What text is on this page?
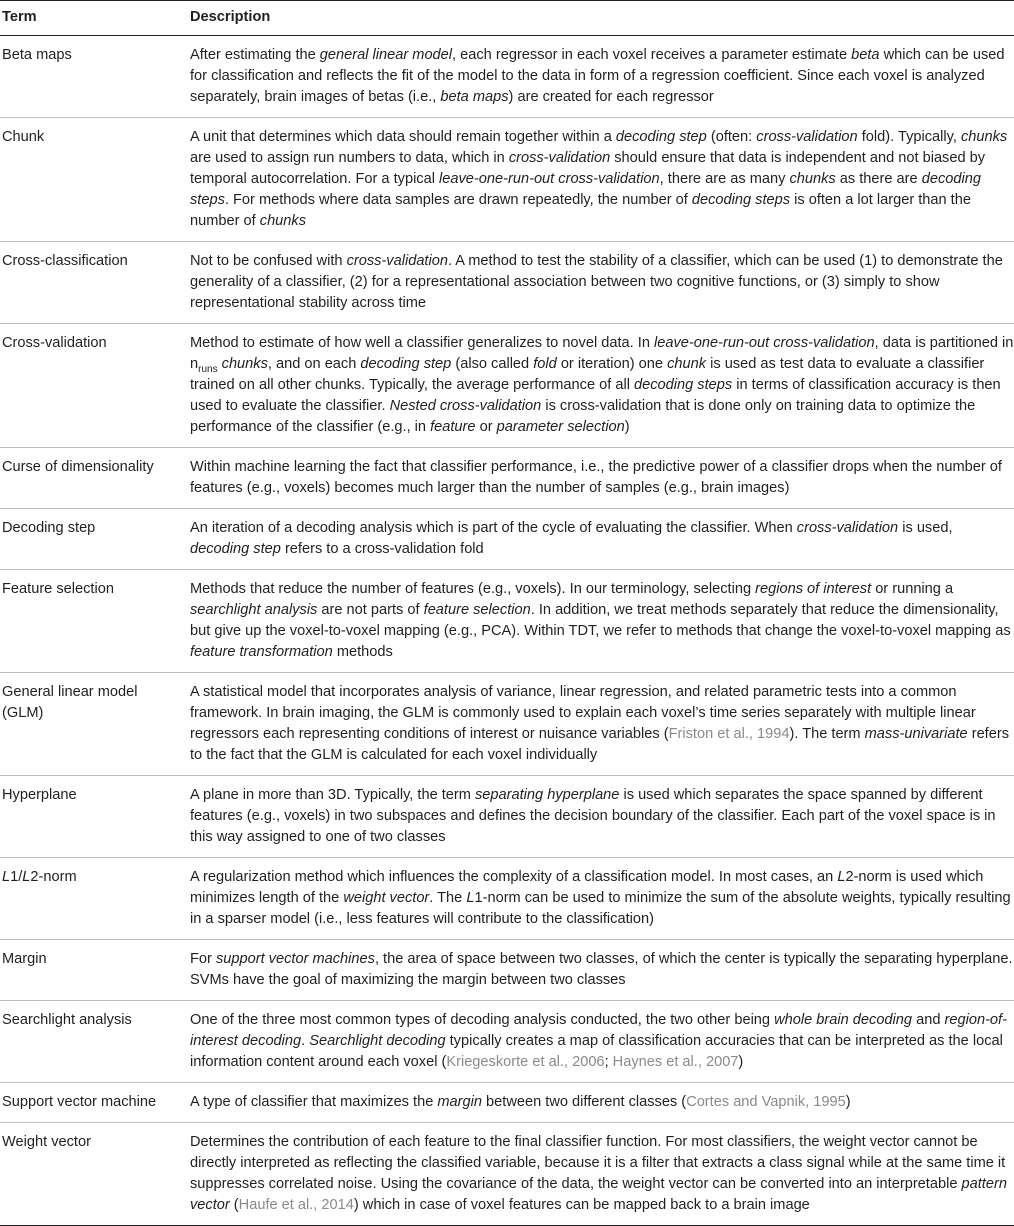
Term	Description
Beta maps	After estimating the general linear model, each regressor in each voxel receives a parameter estimate beta which can be used for classification and reflects the fit of the model to the data in form of a regression coefficient. Since each voxel is analyzed separately, brain images of betas (i.e., beta maps) are created for each regressor
Chunk	A unit that determines which data should remain together within a decoding step (often: cross-validation fold). Typically, chunks are used to assign run numbers to data, which in cross-validation should ensure that data is independent and not biased by temporal autocorrelation. For a typical leave-one-run-out cross-validation, there are as many chunks as there are decoding steps. For methods where data samples are drawn repeatedly, the number of decoding steps is often a lot larger than the number of chunks
Cross-classification	Not to be confused with cross-validation. A method to test the stability of a classifier, which can be used (1) to demonstrate the generality of a classifier, (2) for a representational association between two cognitive functions, or (3) simply to show representational stability across time
Cross-validation	Method to estimate of how well a classifier generalizes to novel data. In leave-one-run-out cross-validation, data is partitioned in $n_{runs}$ chunks, and on each decoding step (also called fold or iteration) one chunk is used as test data to evaluate a classifier trained on all other chunks. Typically, the average performance of all decoding steps in terms of classification accuracy is then used to evaluate the classifier. Nested cross-validation is cross-validation that is done only on training data to optimize the performance of the classifier (e.g., in feature or parameter selection)
Curse of dimensionality	Within machine learning the fact that classifier performance, i.e., the predictive power of a classifier drops when the number of features (e.g., voxels) becomes much larger than the number of samples (e.g., brain images)
Decoding step	An iteration of a decoding analysis which is part of the cycle of evaluating the classifier. When cross-validation is used, decoding step refers to a cross-validation fold
Feature selection	Methods that reduce the number of features (e.g., voxels). In our terminology, selecting regions of interest or running a searchlight analysis are not parts of feature selection. In addition, we treat methods separately that reduce the dimensionality, but give up the voxel-to-voxel mapping (e.g., PCA). Within TDT, we refer to methods that change the voxel-to-voxel mapping as feature transformation methods
General linear model (GLM)	A statistical model that incorporates analysis of variance, linear regression, and related parametric tests into a common framework. In brain imaging, the GLM is commonly used to explain each voxel’s time series separately with multiple linear regressors each representing conditions of interest or nuisance variables (Friston et al., 1994). The term mass-univariate refers to the fact that the GLM is calculated for each voxel individually
Hyperplane	A plane in more than 3D. Typically, the term separating hyperplane is used which separates the space spanned by different features (e.g., voxels) in two subspaces and defines the decision boundary of the classifier. Each part of the voxel space is in this way assigned to one of two classes
L1/L2-norm	A regularization method which influences the complexity of a classification model. In most cases, an L2-norm is used which minimizes length of the weight vector. The L1-norm can be used to minimize the sum of the absolute weights, typically resulting in a sparser model (i.e., less features will contribute to the classification)
Margin	For support vector machines, the area of space between two classes, of which the center is typically the separating hyperplane. SVMs have the goal of maximizing the margin between two classes
Searchlight analysis	One of the three most common types of decoding analysis conducted, the two other being whole brain decoding and region-of-interest decoding. Searchlight decoding typically creates a map of classification accuracies that can be interpreted as the local information content around each voxel (Kriegeskorte et al., 2006; Haynes et al., 2007)
Support vector machine	A type of classifier that maximizes the margin between two different classes (Cortes and Vapnik, 1995)
Weight vector	Determines the contribution of each feature to the final classifier function. For most classifiers, the weight vector cannot be directly interpreted as reflecting the classified variable, because it is a filter that extracts a class signal while at the same time it suppresses correlated noise. Using the covariance of the data, the weight vector can be converted into an interpretable pattern vector (Haufe et al., 2014) which in case of voxel features can be mapped back to a brain image
